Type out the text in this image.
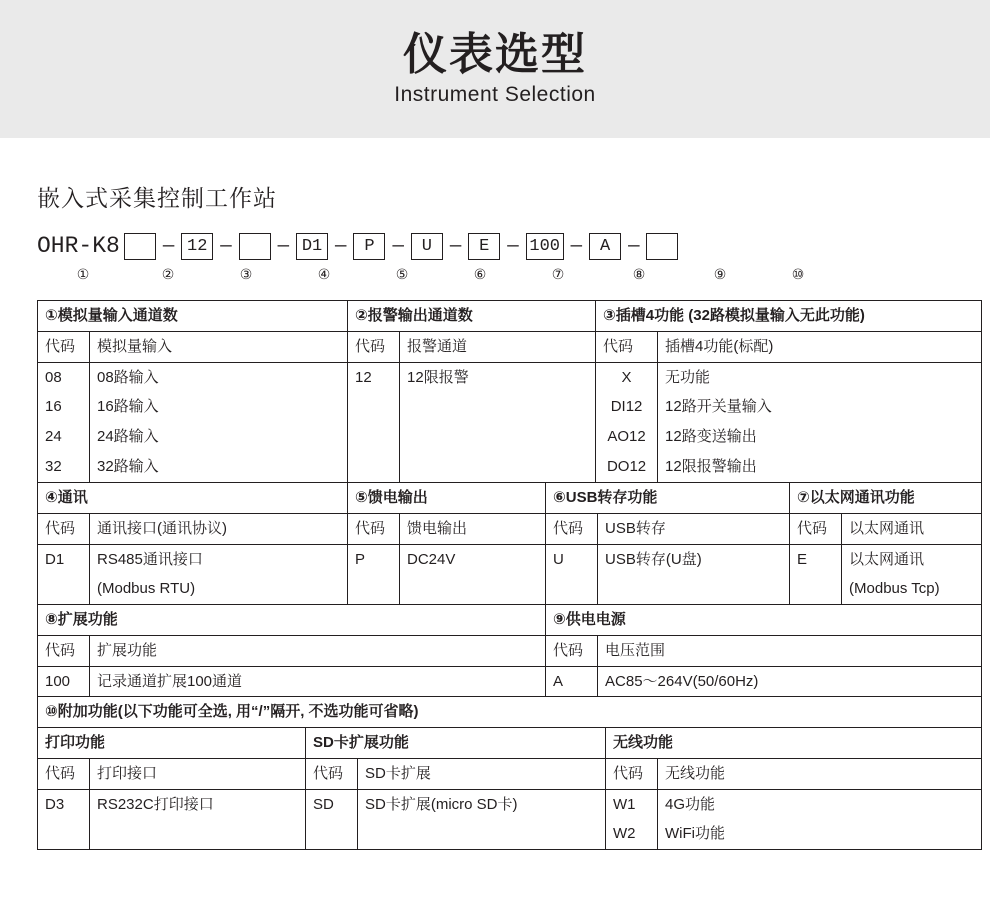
仪表选型
Instrument Selection
嵌入式采集控制工作站
OHR-K8	— 12 —	— D1 —	P —	U —	E — 100 —	A —
①	②	③	④	⑤	⑥	⑦	⑧	⑨	⑩
①模拟量输入通道数		②报警输出通道数		③插槽4功能 (32路模拟量输入无此功能)	
代码	模拟量输入	代码	报警通道	代码	插槽4功能(标配)
08	08路输入	12	12限报警	X	无功能
16	16路输入			DI12	12路开关量输入
24	24路输入			AO12	12路变送输出
32	32路输入			DO12	12限报警输出
④通讯		⑤馈电输出		⑥USB转存功能		⑦以太网通讯功能	
代码	通讯接口(通讯协议)	代码	馈电输出	代码	USB转存	代码	以太网通讯
D1	RS485通讯接口	P	DC24V	U	USB转存(U盘)	E	以太网通讯
	(Modbus RTU)						(Modbus Tcp)
⑧扩展功能		⑨供电电源	
代码	扩展功能	代码	电压范围
100	记录通道扩展100通道	A	AC85～264V(50/60Hz)
⑩附加功能(以下功能可全选, 用“/”隔开, 不选功能可省略)					
打印功能		SD卡扩展功能		无线功能	
代码	打印接口	代码	SD卡扩展	代码	无线功能
D3	RS232C打印接口	SD	SD卡扩展(micro SD卡)	W1	4G功能
				W2	WiFi功能
